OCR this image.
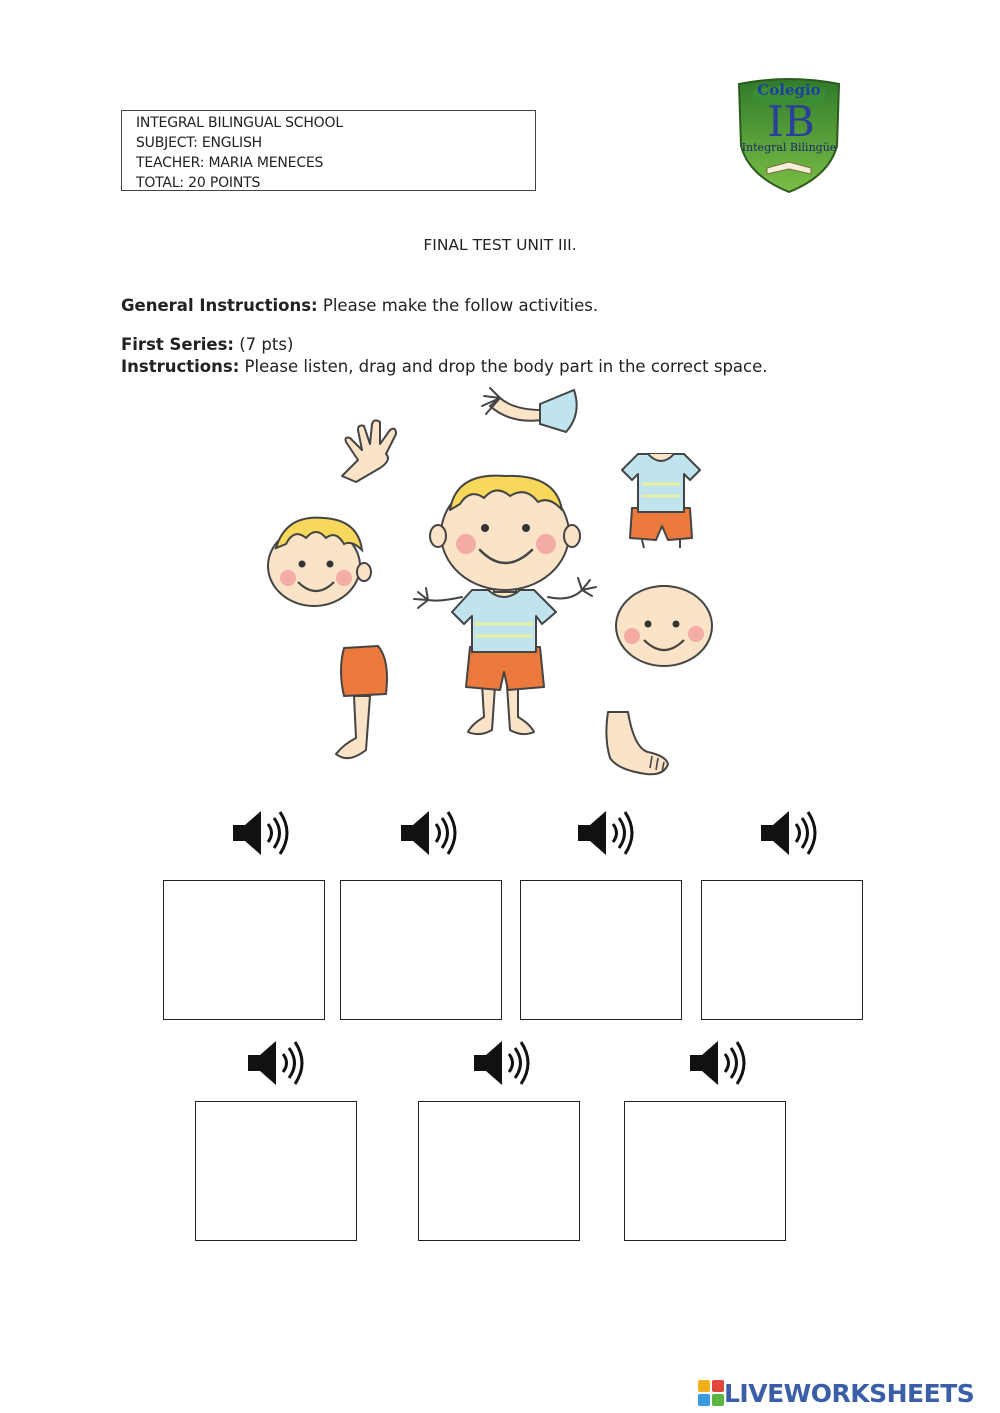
INTEGRAL BILINGUAL SCHOOL
SUBJECT: ENGLISH
TEACHER: MARIA MENECES
TOTAL: 20 POINTS
Colegio
IB
Integral Bilingüe
FINAL TEST UNIT III.
General Instructions: Please make the follow activities.
First Series: (7 pts)
Instructions: Please listen, drag and drop the body part in the correct space.
LIVEWORKSHEETS
